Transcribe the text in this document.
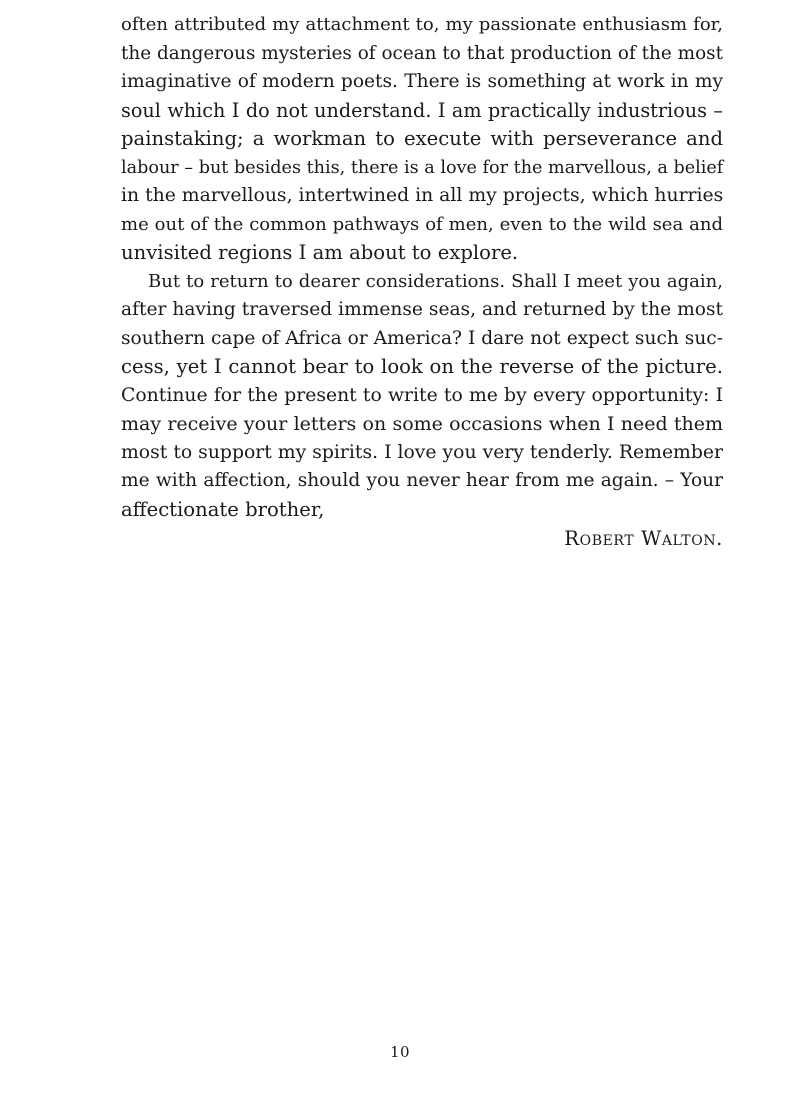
often attributed my attachment to, my passionate enthusiasm for,
the dangerous mysteries of ocean to that production of the most
imaginative of modern poets. There is something at work in my
soul which I do not understand. I am practically industrious –
painstaking; a workman to execute with perseverance and
labour – but besides this, there is a love for the marvellous, a belief
in the marvellous, intertwined in all my projects, which hurries
me out of the common pathways of men, even to the wild sea and
unvisited regions I am about to explore.
But to return to dearer considerations. Shall I meet you again,
after having traversed immense seas, and returned by the most
southern cape of Africa or America? I dare not expect such suc-
cess, yet I cannot bear to look on the reverse of the picture.
Continue for the present to write to me by every opportunity: I
may receive your letters on some occasions when I need them
most to support my spirits. I love you very tenderly. Remember
me with affection, should you never hear from me again. – Your
affectionate brother,
Robert Walton.
10
